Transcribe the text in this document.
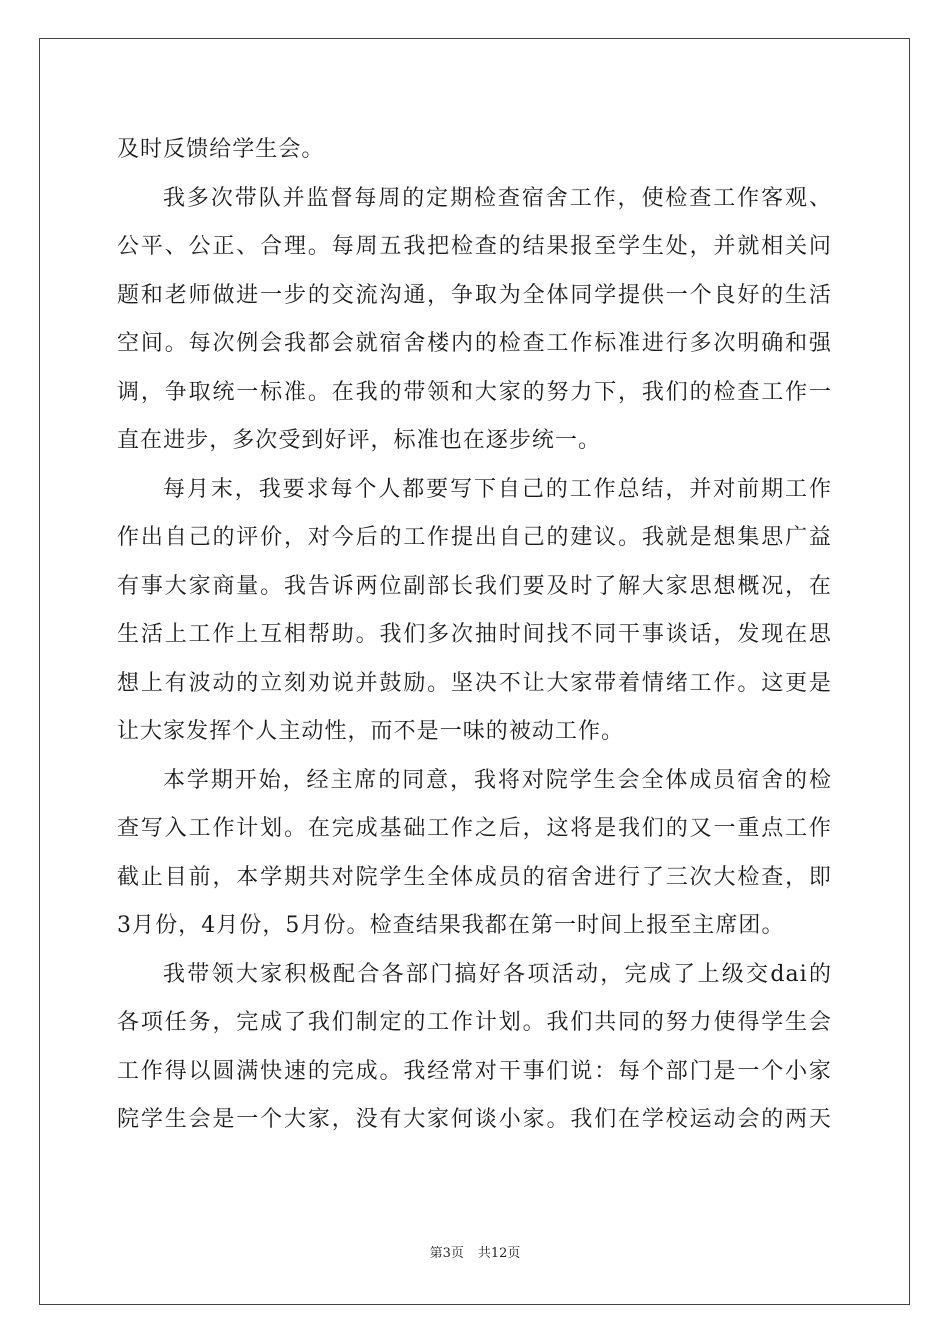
及时反馈给学生会。
我多次带队并监督每周的定期检查宿舍工作，使检查工作客观、
公平、公正、合理。每周五我把检查的结果报至学生处，并就相关问
题和老师做进一步的交流沟通，争取为全体同学提供一个良好的生活
空间。每次例会我都会就宿舍楼内的检查工作标准进行多次明确和强
调，争取统一标准。在我的带领和大家的努力下，我们的检查工作一
直在进步，多次受到好评，标准也在逐步统一。
每月末，我要求每个人都要写下自己的工作总结，并对前期工作
作出自己的评价，对今后的工作提出自己的建议。我就是想集思广益
有事大家商量。我告诉两位副部长我们要及时了解大家思想概况，在
生活上工作上互相帮助。我们多次抽时间找不同干事谈话，发现在思
想上有波动的立刻劝说并鼓励。坚决不让大家带着情绪工作。这更是
让大家发挥个人主动性，而不是一味的被动工作。
本学期开始，经主席的同意，我将对院学生会全体成员宿舍的检
查写入工作计划。在完成基础工作之后，这将是我们的又一重点工作
截止目前，本学期共对院学生全体成员的宿舍进行了三次大检查，即
3月份，4月份，5月份。检查结果我都在第一时间上报至主席团。
我带领大家积极配合各部门搞好各项活动，完成了上级交dai的
各项任务，完成了我们制定的工作计划。我们共同的努力使得学生会
工作得以圆满快速的完成。我经常对干事们说：每个部门是一个小家
院学生会是一个大家，没有大家何谈小家。我们在学校运动会的两天
第3页 共12页
